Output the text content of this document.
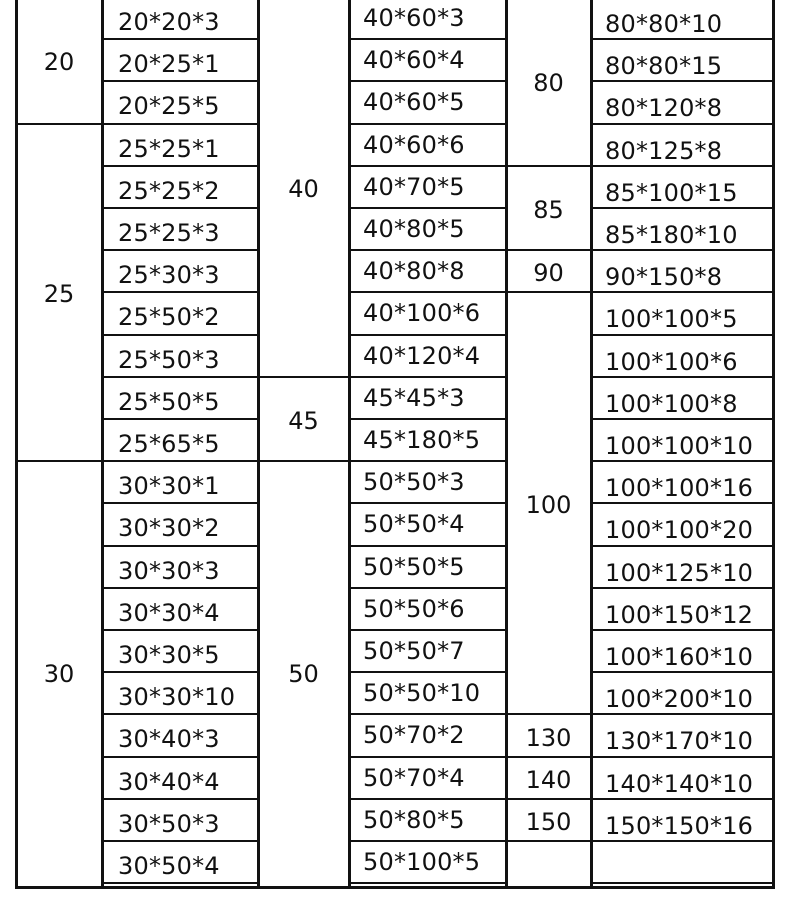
20
20*20*3
20*25*1
20*25*5
25
25*25*1
25*25*2
25*25*3
25*30*3
25*50*2
25*50*3
25*50*5
25*65*5
30
30*30*1
30*30*2
30*30*3
30*30*4
30*30*5
30*30*10
30*40*3
30*40*4
30*50*3
30*50*4
40
40*60*3
40*60*4
40*60*5
40*60*6
40*70*5
40*80*5
40*80*8
40*100*6
40*120*4
45
45*45*3
45*180*5
50
50*50*3
50*50*4
50*50*5
50*50*6
50*50*7
50*50*10
50*70*2
50*70*4
50*80*5
50*100*5
80
80*80*10
80*80*15
80*120*8
80*125*8
85
85*100*15
85*180*10
90	90*150*8
100
100*100*5
100*100*6
100*100*8
100*100*10
100*100*16
100*100*20
100*125*10
100*150*12
100*160*10
100*200*10
130	130*170*10
140	140*140*10
150	150*150*16
